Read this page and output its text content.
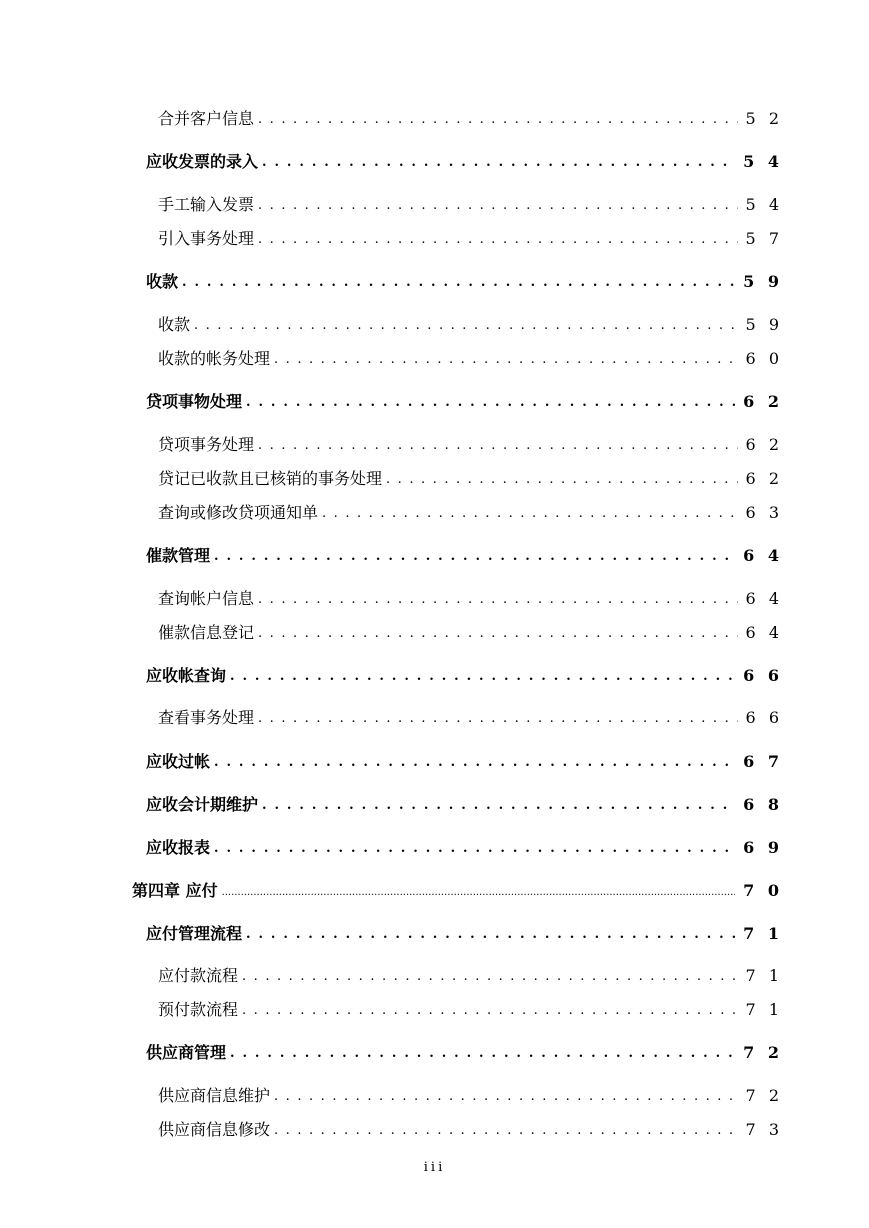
合并客户信息 . . .	5 2
应收发票的录入 . . .	5 4
手工输入发票 . . .	5 4
引入事务处理 . . .	5 7
收款 . . .	5 9
收款 . . .	5 9
收款的帐务处理 . . .	6 0
贷项事物处理 . . .	6 2
贷项事务处理 . . .	6 2
贷记已收款且已核销的事务处理 . . .	6 2
查询或修改贷项通知单 . . .	6 3
催款管理 . . .	6 4
查询帐户信息 . . .	6 4
催款信息登记 . . .	6 4
应收帐查询 . . .	6 6
查看事务处理 . . .	6 6
应收过帐 . . .	6 7
应收会计期维护 . . .	6 8
应收报表 . . .	6 9
第四章 应付 .....	7 0
应付管理流程 . . .	7 1
应付款流程 . . .	7 1
预付款流程 . . .	7 1
供应商管理 . . .	7 2
供应商信息维护 . . .	7 2
供应商信息修改 . . .	7 3
iii
